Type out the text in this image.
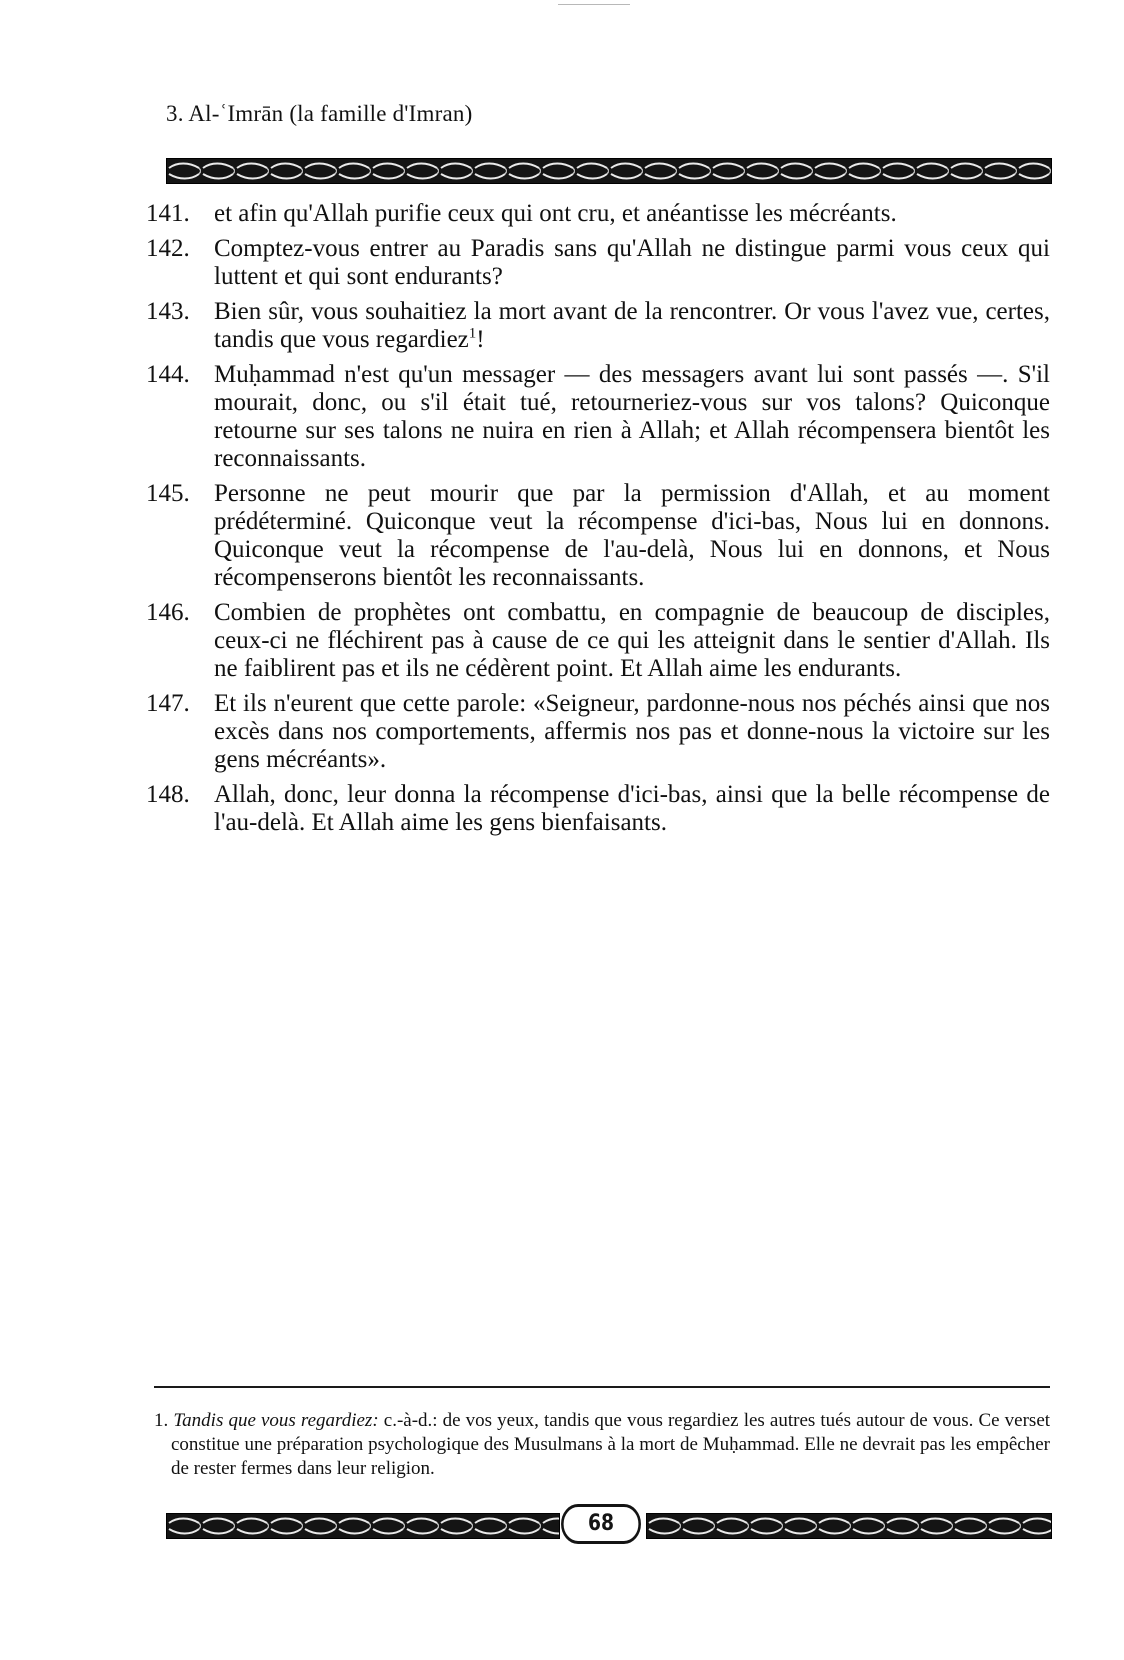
3. Al-ʿImrān (la famille d'Imran)
141. et afin qu'Allah purifie ceux qui ont cru, et anéantisse les mécréants.
142. Comptez-vous entrer au Paradis sans qu'Allah ne distingue parmi vous ceux qui luttent et qui sont endurants?
143. Bien sûr, vous souhaitiez la mort avant de la rencontrer. Or vous l'avez vue, certes, tandis que vous regardiez$^1$!
144. Muḥammad n'est qu'un messager — des messagers avant lui sont passés —. S'il mourait, donc, ou s'il était tué, retourneriez-vous sur vos talons? Quiconque retourne sur ses talons ne nuira en rien à Allah; et Allah récompensera bientôt les reconnaissants.
145. Personne ne peut mourir que par la permission d'Allah, et au moment prédéterminé. Quiconque veut la récompense d'ici-bas, Nous lui en donnons. Quiconque veut la récompense de l'au-delà, Nous lui en donnons, et Nous récompenserons bientôt les reconnaissants.
146. Combien de prophètes ont combattu, en compagnie de beaucoup de disciples, ceux-ci ne fléchirent pas à cause de ce qui les atteignit dans le sentier d'Allah. Ils ne faiblirent pas et ils ne cédèrent point. Et Allah aime les endurants.
147. Et ils n'eurent que cette parole: «Seigneur, pardonne-nous nos péchés ainsi que nos excès dans nos comportements, affermis nos pas et donne-nous la victoire sur les gens mécréants».
148. Allah, donc, leur donna la récompense d'ici-bas, ainsi que la belle récompense de l'au-delà. Et Allah aime les gens bienfaisants.
1. Tandis que vous regardiez: c.-à-d.: de vos yeux, tandis que vous regardiez les autres tués autour de vous. Ce verset constitue une préparation psychologique des Musulmans à la mort de Muḥammad. Elle ne devrait pas les empêcher de rester fermes dans leur religion.
68
